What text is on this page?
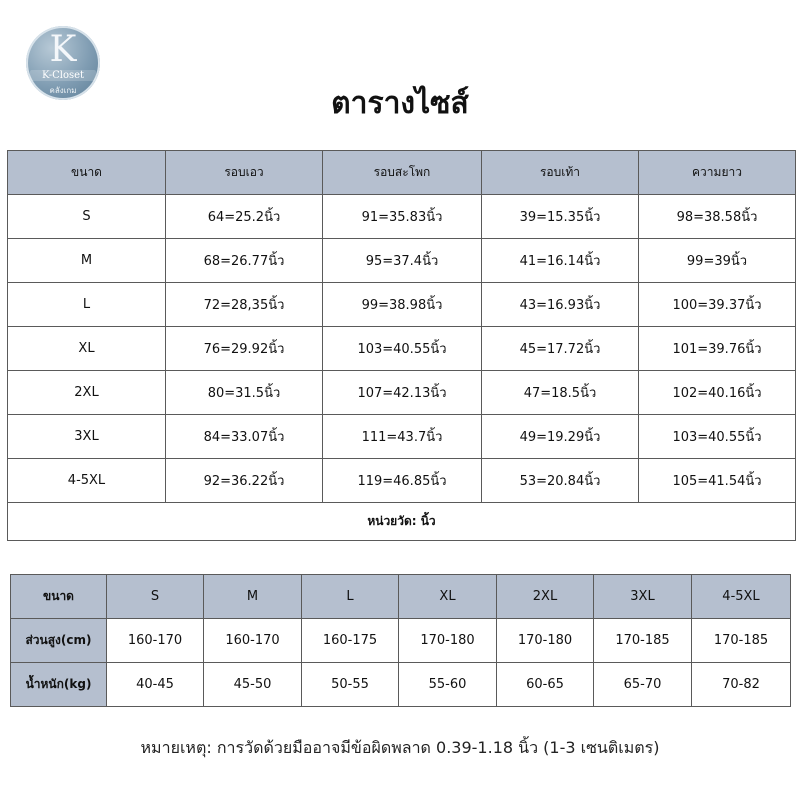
K
K-Closet
คลังเกม	ตารางไซส์
ขนาด	รอบเอว	รอบสะโพก	รอบเท้า	ความยาว
S	64=25.2นิ้ว	91=35.83นิ้ว	39=15.35นิ้ว	98=38.58นิ้ว
M	68=26.77นิ้ว	95=37.4นิ้ว	41=16.14นิ้ว	99=39นิ้ว
L	72=28,35นิ้ว	99=38.98นิ้ว	43=16.93นิ้ว	100=39.37นิ้ว
XL	76=29.92นิ้ว	103=40.55นิ้ว	45=17.72นิ้ว	101=39.76นิ้ว
2XL	80=31.5นิ้ว	107=42.13นิ้ว	47=18.5นิ้ว	102=40.16นิ้ว
3XL	84=33.07นิ้ว	111=43.7นิ้ว	49=19.29นิ้ว	103=40.55นิ้ว
4-5XL	92=36.22นิ้ว	119=46.85นิ้ว	53=20.84นิ้ว	105=41.54นิ้ว
หน่วยวัด: นิ้ว				
ขนาด	S	M	L	XL	2XL	3XL	4-5XL
ส่วนสูง(cm)	160-170	160-170	160-175	170-180	170-180	170-185	170-185
น้ำหนัก(kg)	40-45	45-50	50-55	55-60	60-65	65-70	70-82
หมายเหตุ: การวัดด้วยมืออาจมีข้อผิดพลาด 0.39-1.18 นิ้ว (1-3 เซนติเมตร)
